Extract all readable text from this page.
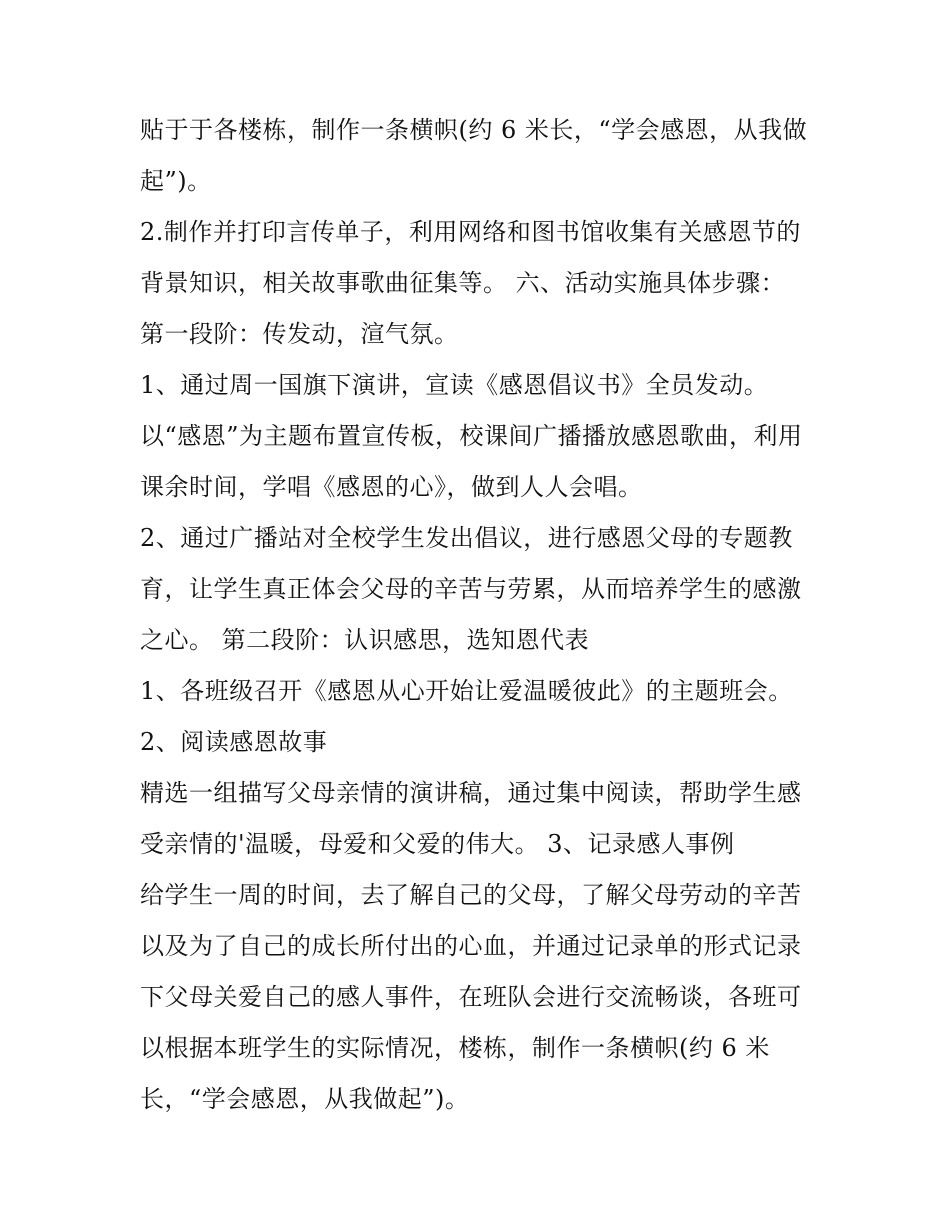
贴于于各楼栋，制作一条横帜(约 6 米长，“学会感恩，从我做
起”)。
2.制作并打印言传单子，利用网络和图书馆收集有关感恩节的
背景知识，相关故事歌曲征集等。 六、活动实施具体步骤：
第一段阶：传发动，渲气氛。
1、通过周一国旗下演讲，宣读《感恩倡议书》全员发动。
以“感恩”为主题布置宣传板，校课间广播播放感恩歌曲，利用
课余时间，学唱《感恩的心》，做到人人会唱。
2、通过广播站对全校学生发出倡议，进行感恩父母的专题教
育，让学生真正体会父母的辛苦与劳累，从而培养学生的感激
之心。 第二段阶：认识感思，选知恩代表
1、各班级召开《感恩从心开始让爱温暖彼此》的主题班会。
2、阅读感恩故事
精选一组描写父母亲情的演讲稿，通过集中阅读，帮助学生感
受亲情的'温暖，母爱和父爱的伟大。 3、记录感人事例
给学生一周的时间，去了解自己的父母，了解父母劳动的辛苦
以及为了自己的成长所付出的心血，并通过记录单的形式记录
下父母关爱自己的感人事件，在班队会进行交流畅谈，各班可
以根据本班学生的实际情况，楼栋，制作一条横帜(约 6 米
长，“学会感恩，从我做起”)。
